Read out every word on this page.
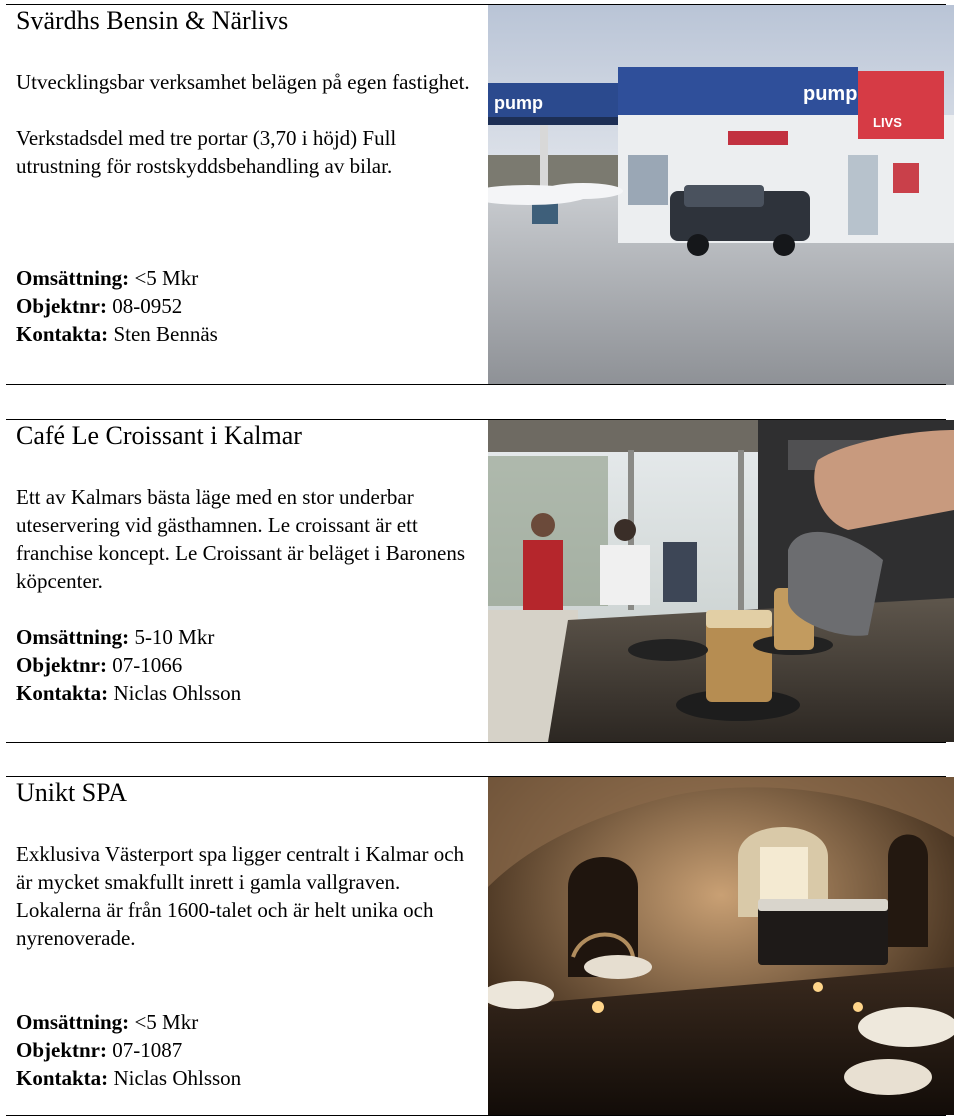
Svärdhs Bensin & Närlivs

Utvecklingsbar verksamhet belägen på egen fastighet.

Verkstadsdel med tre portar (3,70 i höjd) Full utrustning för rostskyddsbehandling av bilar.

Omsättning: <5 Mkr

Objektnr: 08-0952

Kontakta: Sten Bennäs

pump	pump
LIVS
Café Le Croissant i Kalmar

Ett av Kalmars bästa läge med en stor underbar uteservering vid gästhamnen. Le croissant är ett franchise koncept. Le Croissant är beläget i Baronens köpcenter.

Omsättning: 5-10 Mkr

Objektnr: 07-1066

Kontakta: Niclas Ohlsson

Unikt SPA

Exklusiva Västerport spa ligger centralt i Kalmar och är mycket smakfullt inrett i gamla vallgraven. Lokalerna är från 1600-talet och är helt unika och nyrenoverade.

Omsättning: <5 Mkr

Objektnr: 07-1087

Kontakta: Niclas Ohlsson
